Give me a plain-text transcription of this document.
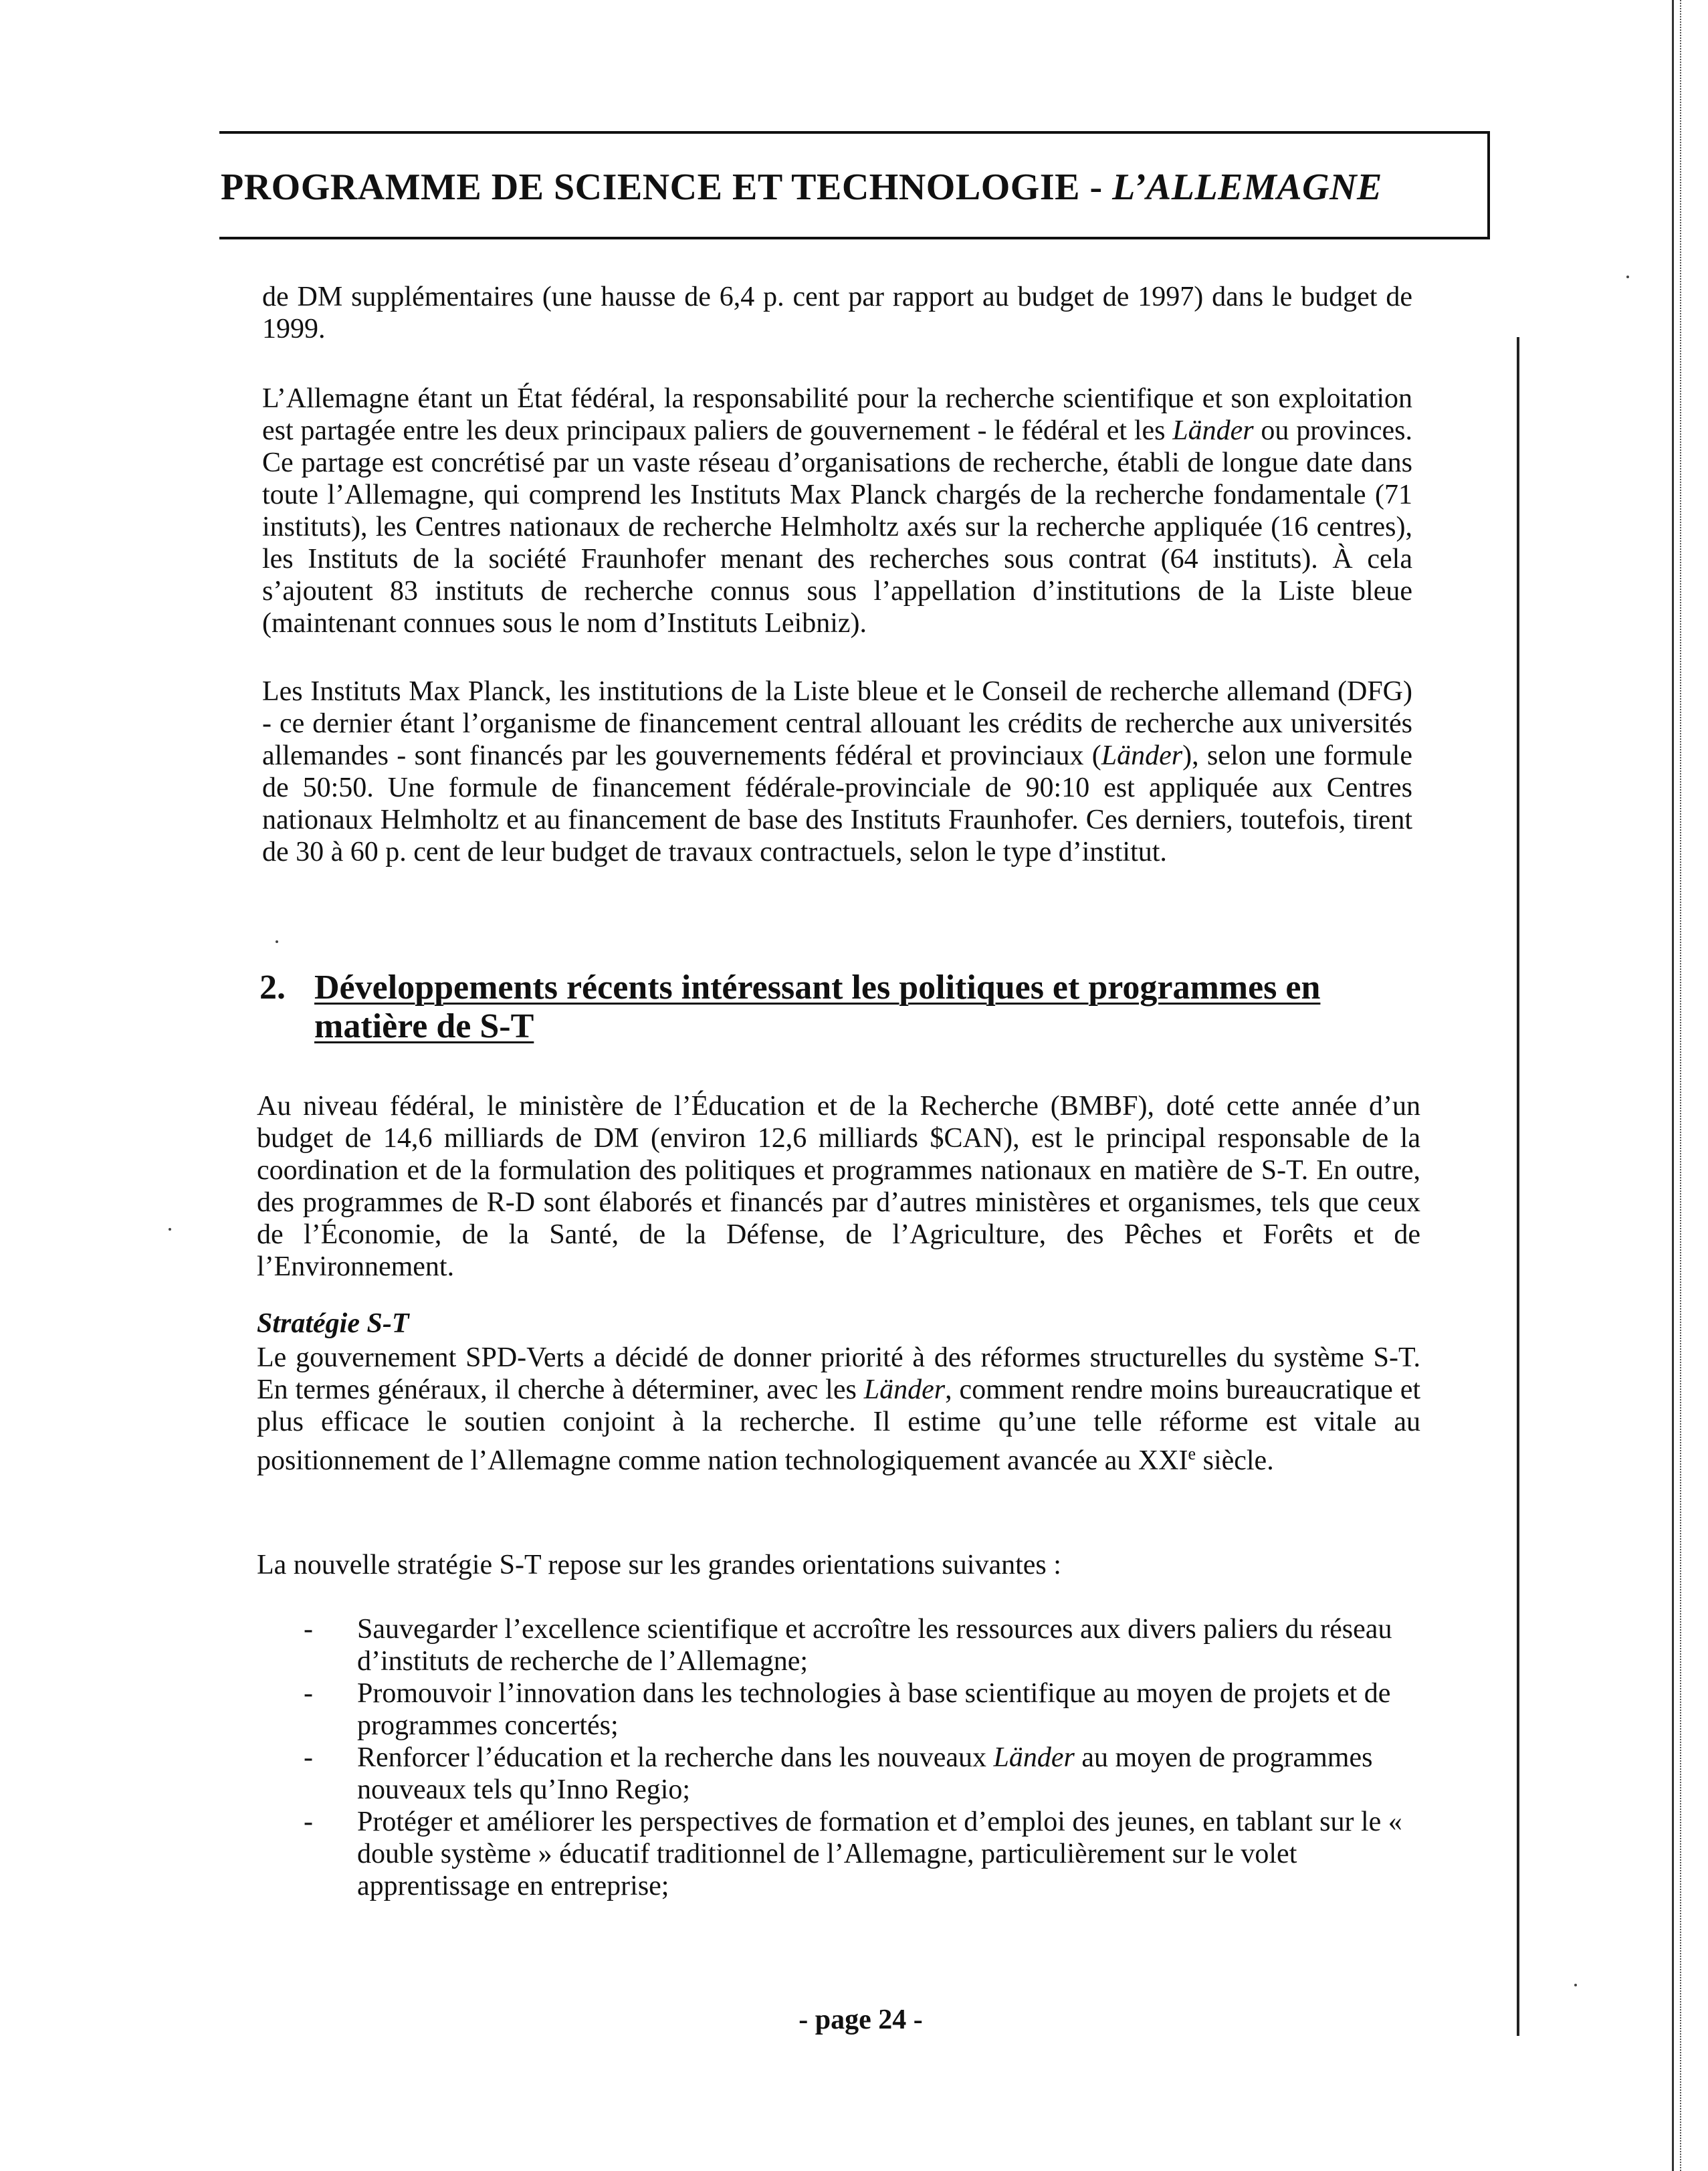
PROGRAMME DE SCIENCE ET TECHNOLOGIE - L’ALLEMAGNE

de DM supplémentaires (une hausse de 6,4 p. cent par rapport au budget de 1997) dans le budget de 1999.

L’Allemagne étant un État fédéral, la responsabilité pour la recherche scientifique et son exploitation est partagée entre les deux principaux paliers de gouvernement - le fédéral et les Länder ou provinces. Ce partage est concrétisé par un vaste réseau d’organisations de recherche, établi de longue date dans toute l’Allemagne, qui comprend les Instituts Max Planck chargés de la recherche fondamentale (71 instituts), les Centres nationaux de recherche Helmholtz axés sur la recherche appliquée (16 centres), les Instituts de la société Fraunhofer menant des recherches sous contrat (64 instituts). À cela s’ajoutent 83 instituts de recherche connus sous l’appellation d’institutions de la Liste bleue (maintenant connues sous le nom d’Instituts Leibniz).

Les Instituts Max Planck, les institutions de la Liste bleue et le Conseil de recherche allemand (DFG) - ce dernier étant l’organisme de financement central allouant les crédits de recherche aux universités allemandes - sont financés par les gouvernements fédéral et provinciaux (Länder), selon une formule de 50:50. Une formule de financement fédérale-provinciale de 90:10 est appliquée aux Centres nationaux Helmholtz et au financement de base des Instituts Fraunhofer. Ces derniers, toutefois, tirent de 30 à 60 p. cent de leur budget de travaux contractuels, selon le type d’institut.

2. Développements récents intéressant les politiques et programmes en matière de S-T

Au niveau fédéral, le ministère de l’Éducation et de la Recherche (BMBF), doté cette année d’un budget de 14,6 milliards de DM (environ 12,6 milliards $CAN), est le principal responsable de la coordination et de la formulation des politiques et programmes nationaux en matière de S-T. En outre, des programmes de R-D sont élaborés et financés par d’autres ministères et organismes, tels que ceux de l’Économie, de la Santé, de la Défense, de l’Agriculture, des Pêches et Forêts et de l’Environnement.

Stratégie S-T

Le gouvernement SPD-Verts a décidé de donner priorité à des réformes structurelles du système S-T. En termes généraux, il cherche à déterminer, avec les Länder, comment rendre moins bureaucratique et plus efficace le soutien conjoint à la recherche. Il estime qu’une telle réforme est vitale au positionnement de l’Allemagne comme nation technologiquement avancée au XXIe siècle.

La nouvelle stratégie S-T repose sur les grandes orientations suivantes :

- Sauvegarder l’excellence scientifique et accroître les ressources aux divers paliers du réseau d’instituts de recherche de l’Allemagne;
- Promouvoir l’innovation dans les technologies à base scientifique au moyen de projets et de programmes concertés;
- Renforcer l’éducation et la recherche dans les nouveaux Länder au moyen de programmes nouveaux tels qu’Inno Regio;
- Protéger et améliorer les perspectives de formation et d’emploi des jeunes, en tablant sur le « double système » éducatif traditionnel de l’Allemagne, particulièrement sur le volet apprentissage en entreprise;
- page 24 -
